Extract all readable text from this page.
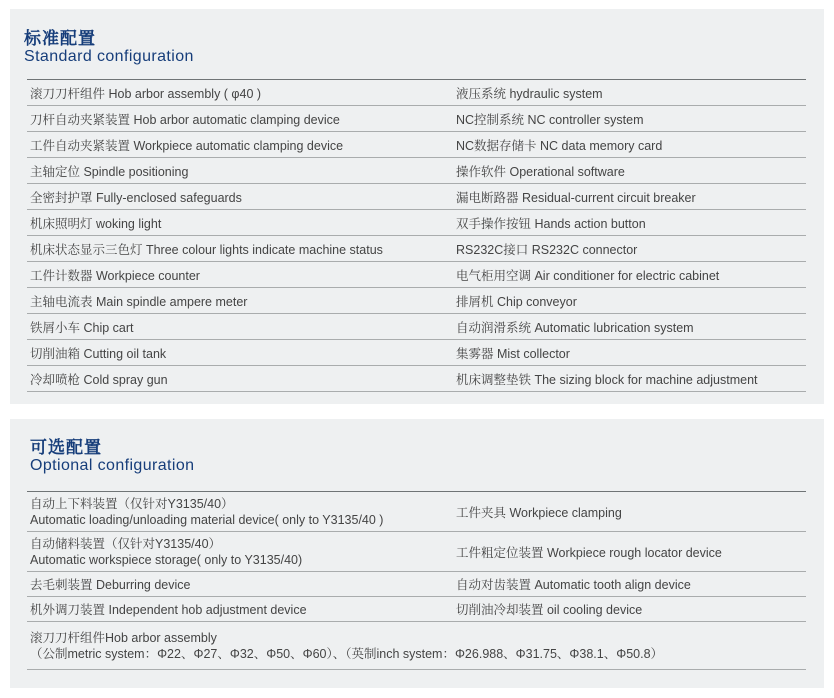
标准配置
Standard configuration
滚刀刀杆组件 Hob arbor assembly ( φ40 )	液压系统 hydraulic system
刀杆自动夹紧装置 Hob arbor automatic clamping device	NC控制系统 NC controller system
工件自动夹紧装置 Workpiece automatic clamping device	NC数据存储卡 NC data memory card
主轴定位 Spindle positioning	操作软件 Operational software
全密封护罩 Fully-enclosed safeguards	漏电断路器 Residual-current circuit breaker
机床照明灯 woking light	双手操作按钮 Hands action button
机床状态显示三色灯 Three colour lights indicate machine status	RS232C接口 RS232C connector
工件计数器 Workpiece counter	电气柜用空调 Air conditioner for electric cabinet
主轴电流表 Main spindle ampere meter	排屑机 Chip conveyor
铁屑小车 Chip cart	自动润滑系统 Automatic lubrication system
切削油箱 Cutting oil tank	集雾器 Mist collector
冷却喷枪 Cold spray gun	机床调整垫铁 The sizing block for machine adjustment
可选配置
Optional configuration
自动上下料装置（仅针对Y3135/40）
Automatic loading/unloading material device( only to Y3135/40 )	工件夹具 Workpiece clamping

自动储料装置（仅针对Y3135/40）
Automatic workspiece storage( only to Y3135/40)	工件粗定位装置 Workpiece rough locator device
去毛刺装置 Deburring device	自动对齿装置 Automatic tooth align device
机外调刀装置 Independent hob adjustment device	切削油冷却装置 oil cooling device

滚刀刀杆组件Hob arbor assembly
（公制metric system：Φ22、Φ27、Φ32、Φ50、Φ60）、（英制inch system：Φ26.988、Φ31.75、Φ38.1、Φ50.8）	
